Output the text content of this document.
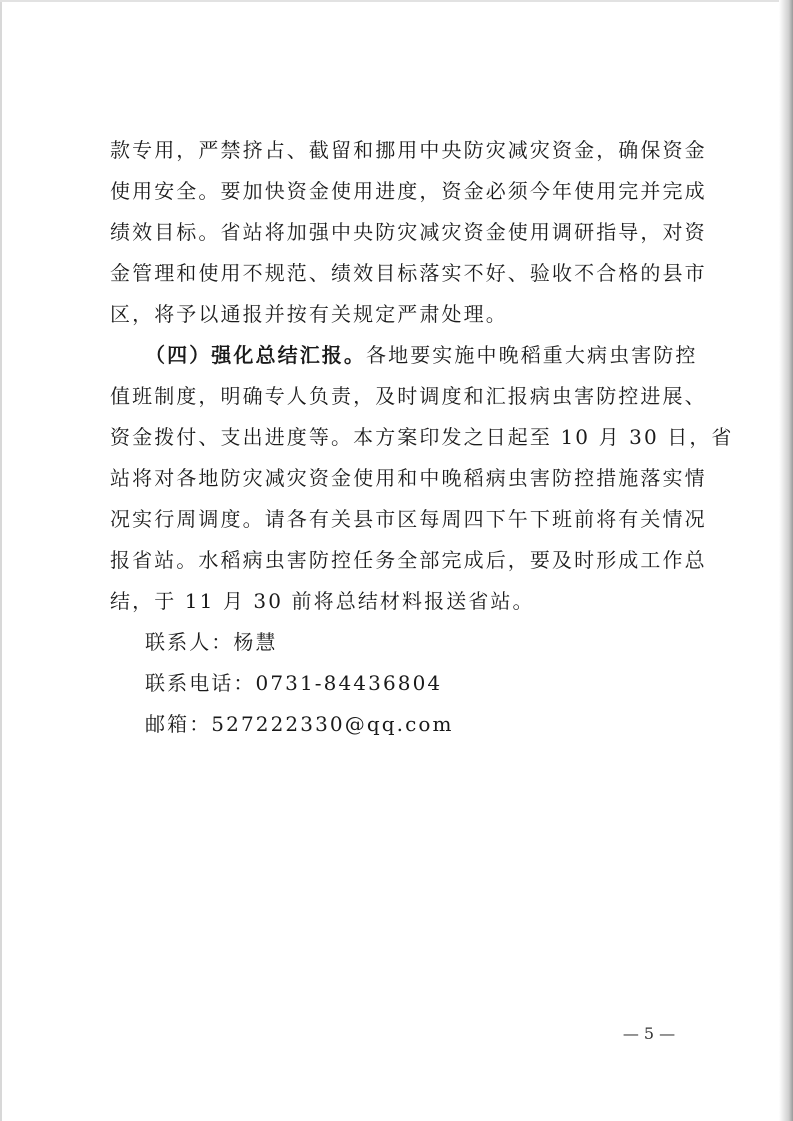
款专用，严禁挤占、截留和挪用中央防灾减灾资金，确保资金
使用安全。要加快资金使用进度，资金必须今年使用完并完成
绩效目标。省站将加强中央防灾减灾资金使用调研指导，对资
金管理和使用不规范、绩效目标落实不好、验收不合格的县市
区，将予以通报并按有关规定严肃处理。
（四）强化总结汇报。各地要实施中晚稻重大病虫害防控
值班制度，明确专人负责，及时调度和汇报病虫害防控进展、
资金拨付、支出进度等。本方案印发之日起至 10 月 30 日，省
站将对各地防灾减灾资金使用和中晚稻病虫害防控措施落实情
况实行周调度。请各有关县市区每周四下午下班前将有关情况
报省站。水稻病虫害防控任务全部完成后，要及时形成工作总
结，于 11 月 30 前将总结材料报送省站。
联系人：杨慧
联系电话：0731-84436804
邮箱：527222330@qq.com
— 5 —
